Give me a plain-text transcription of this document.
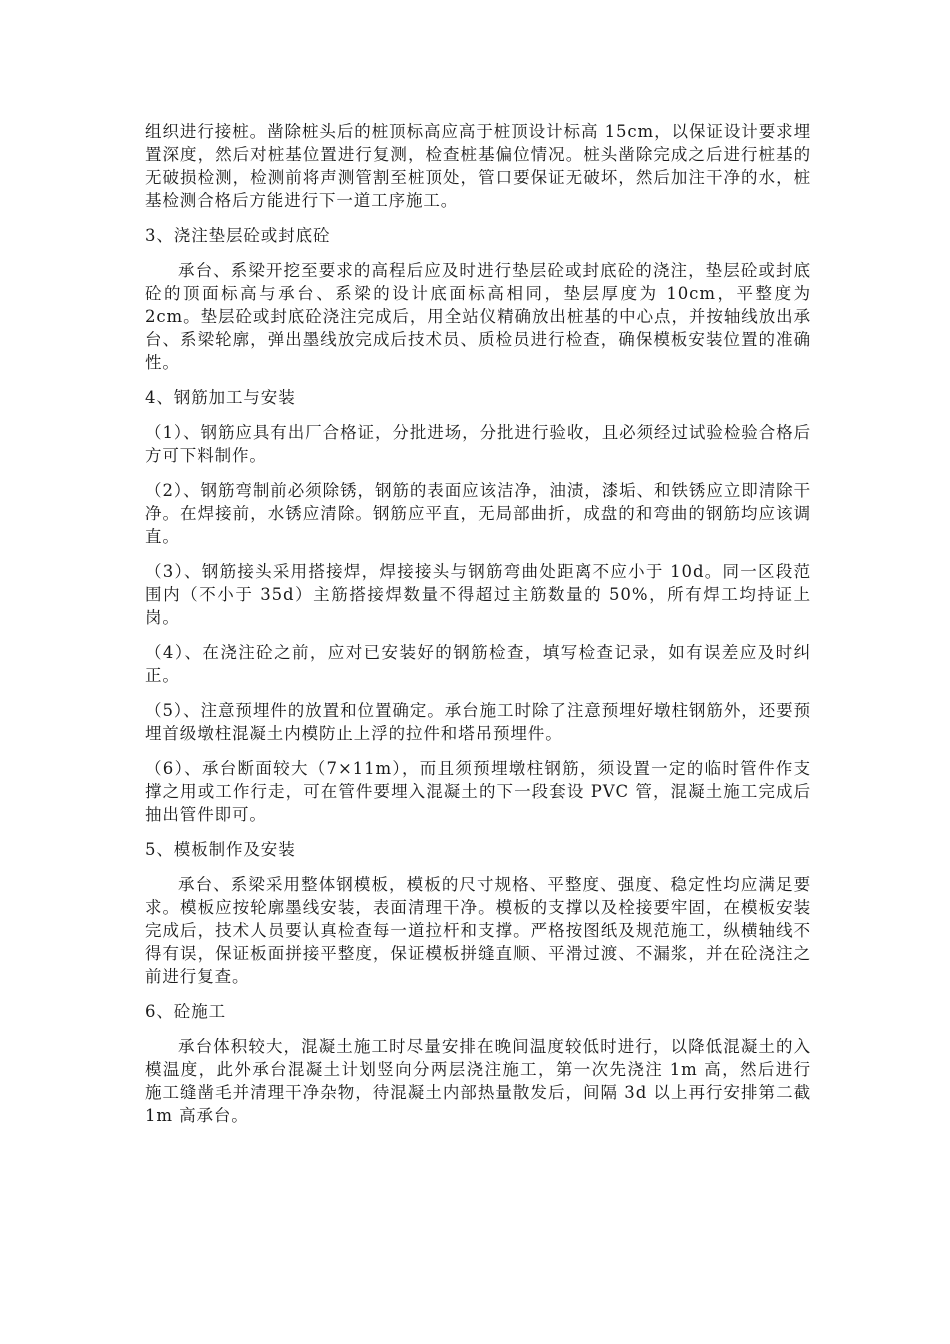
组织进行接桩。凿除桩头后的桩顶标高应高于桩顶设计标高 15cm，以保证设计要求埋置深度，然后对桩基位置进行复测，检查桩基偏位情况。桩头凿除完成之后进行桩基的无破损检测，检测前将声测管割至桩顶处，管口要保证无破坏，然后加注干净的水，桩基检测合格后方能进行下一道工序施工。

3、浇注垫层砼或封底砼

承台、系梁开挖至要求的高程后应及时进行垫层砼或封底砼的浇注，垫层砼或封底砼的顶面标高与承台、系梁的设计底面标高相同，垫层厚度为 10cm，平整度为 2cm。垫层砼或封底砼浇注完成后，用全站仪精确放出桩基的中心点，并按轴线放出承台、系梁轮廓，弹出墨线放完成后技术员、质检员进行检查，确保模板安装位置的准确性。

4、钢筋加工与安装

（1）、钢筋应具有出厂合格证，分批进场，分批进行验收，且必须经过试验检验合格后方可下料制作。

（2）、钢筋弯制前必须除锈，钢筋的表面应该洁净，油渍，漆垢、和铁锈应立即清除干净。在焊接前，水锈应清除。钢筋应平直，无局部曲折，成盘的和弯曲的钢筋均应该调直。

（3）、钢筋接头采用搭接焊，焊接接头与钢筋弯曲处距离不应小于 10d。同一区段范围内（不小于 35d）主筋搭接焊数量不得超过主筋数量的 50%，所有焊工均持证上岗。

（4）、在浇注砼之前，应对已安装好的钢筋检查，填写检查记录，如有误差应及时纠正。

（5）、注意预埋件的放置和位置确定。承台施工时除了注意预埋好墩柱钢筋外，还要预埋首级墩柱混凝土内模防止上浮的拉件和塔吊预埋件。

（6）、承台断面较大（7×11m），而且须预埋墩柱钢筋，须设置一定的临时管件作支撑之用或工作行走，可在管件要埋入混凝土的下一段套设 PVC 管，混凝土施工完成后抽出管件即可。

5、模板制作及安装

承台、系梁采用整体钢模板，模板的尺寸规格、平整度、强度、稳定性均应满足要求。模板应按轮廓墨线安装，表面清理干净。模板的支撑以及栓接要牢固，在模板安装完成后，技术人员要认真检查每一道拉杆和支撑。严格按图纸及规范施工，纵横轴线不得有误，保证板面拼接平整度，保证模板拼缝直顺、平滑过渡、不漏浆，并在砼浇注之前进行复查。

6、砼施工

承台体积较大，混凝土施工时尽量安排在晚间温度较低时进行，以降低混凝土的入模温度，此外承台混凝土计划竖向分两层浇注施工，第一次先浇注 1m 高，然后进行施工缝凿毛并清理干净杂物，待混凝土内部热量散发后，间隔 3d 以上再行安排第二截 1m 高承台。
